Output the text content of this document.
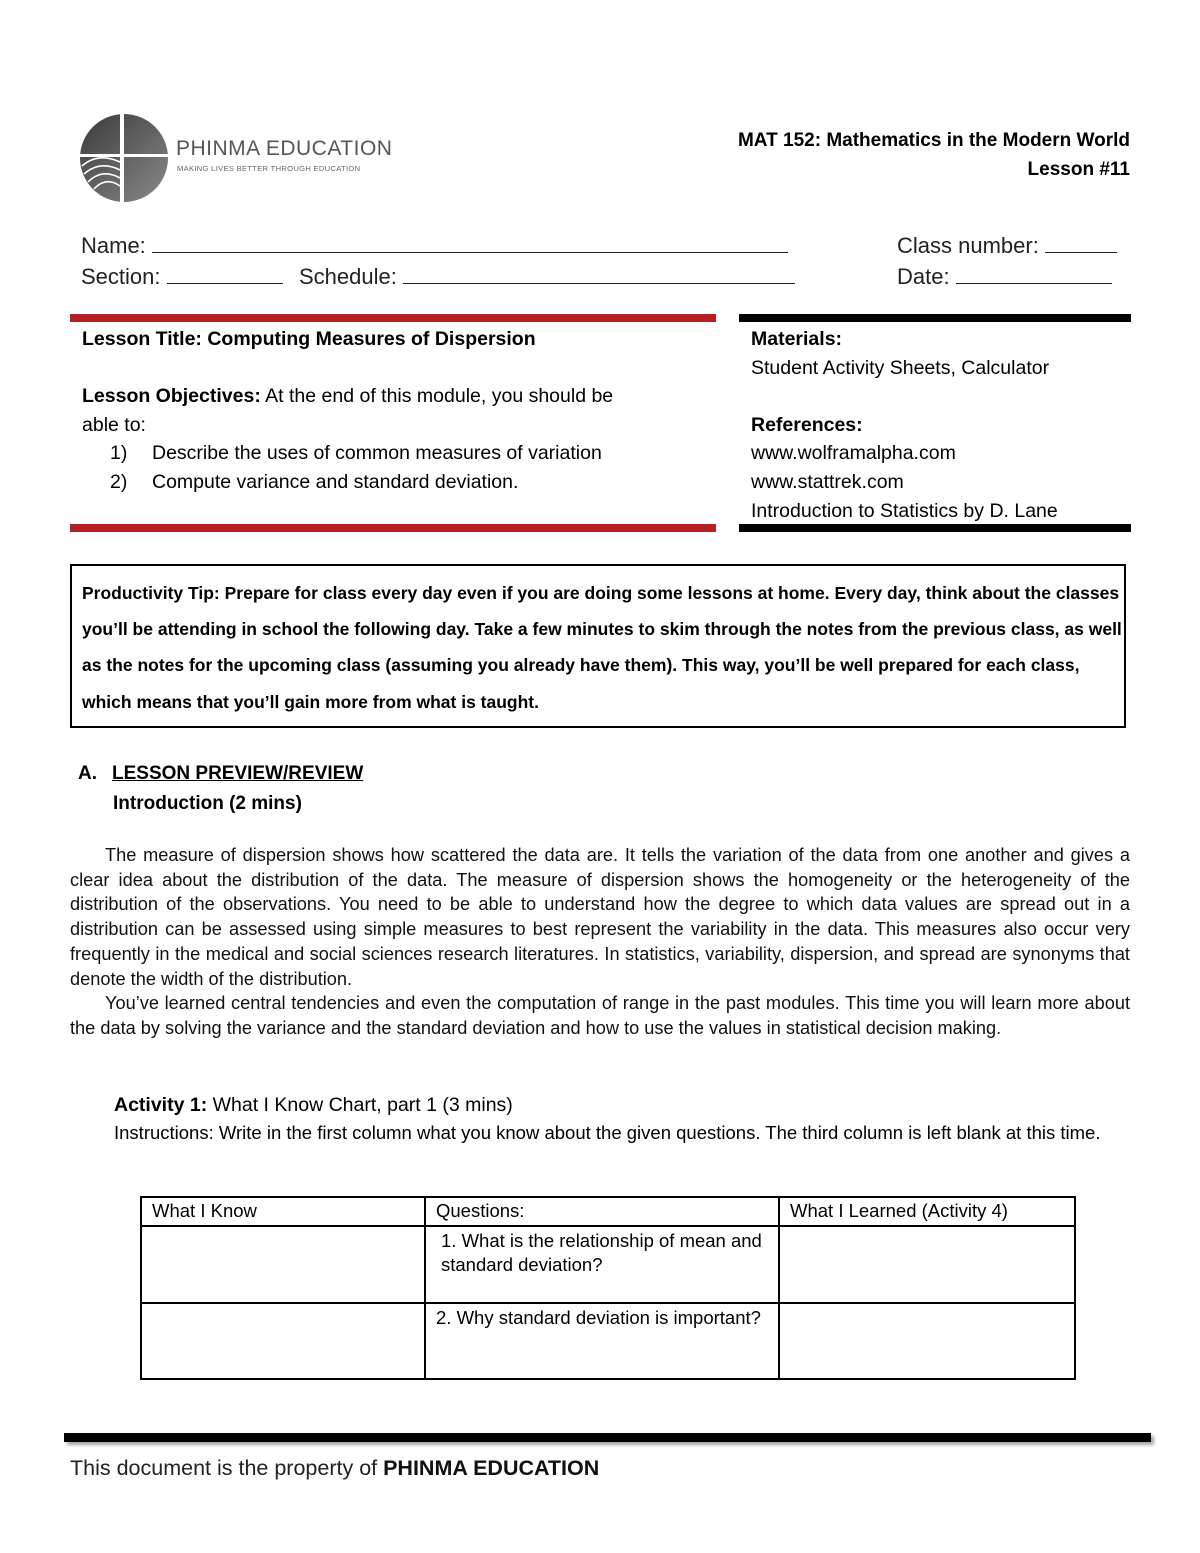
PHINMA EDUCATION
MAKING LIVES BETTER THROUGH EDUCATION
MAT 152: Mathematics in the Modern World
Lesson #11
Name:	Class number:
Section:	Schedule:	Date:
Lesson Title: Computing Measures of Dispersion

Lesson Objectives: At the end of this module, you should be
able to:
1)	Describe the uses of common measures of variation
2)	Compute variance and standard deviation.
Materials:
Student Activity Sheets, Calculator

References:
www.wolframalpha.com
www.stattrek.com
Introduction to Statistics by D. Lane
Productivity Tip: Prepare for class every day even if you are doing some lessons at home. Every day, think about the classes you’ll be attending in school the following day. Take a few minutes to skim through the notes from the previous class, as well as the notes for the upcoming class (assuming you already have them). This way, you’ll be well prepared for each class, which means that you’ll gain more from what is taught.
A. LESSON PREVIEW/REVIEW
Introduction (2 mins)
The measure of dispersion shows how scattered the data are. It tells the variation of the data from one another and gives a clear idea about the distribution of the data. The measure of dispersion shows the homogeneity or the heterogeneity of the distribution of the observations. You need to be able to understand how the degree to which data values are spread out in a distribution can be assessed using simple measures to best represent the variability in the data. This measures also occur very frequently in the medical and social sciences research literatures. In statistics, variability, dispersion, and spread are synonyms that denote the width of the distribution.
You’ve learned central tendencies and even the computation of range in the past modules. This time you will learn more about the data by solving the variance and the standard deviation and how to use the values in statistical decision making.
Activity 1: What I Know Chart, part 1 (3 mins)
Instructions: Write in the first column what you know about the given questions. The third column is left blank at this time.
What I Know	Questions:	What I Learned (Activity 4)
	1. What is the relationship of mean and standard deviation?	
	2. Why standard deviation is important?	
This document is the property of PHINMA EDUCATION
